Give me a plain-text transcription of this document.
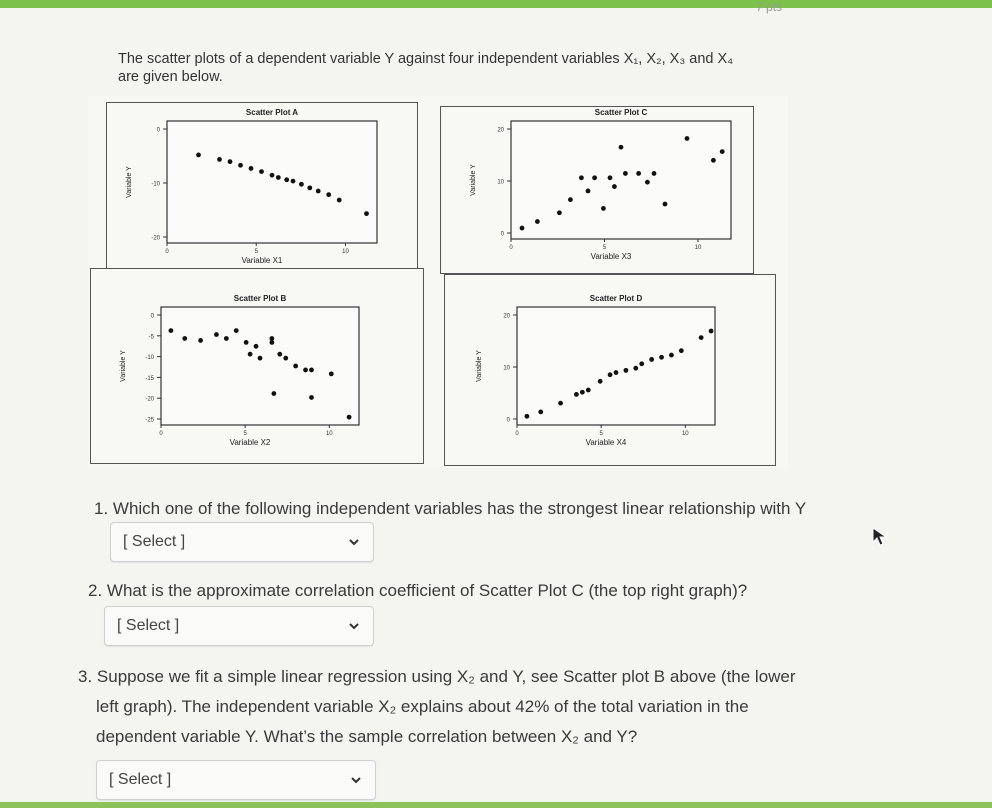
7 pts

The scatter plots of a dependent variable Y against four independent variables X₁, X₂, X₃ and X₄

are given below.

Scatter Plot A
0
-10
-20
0	5	10
Variable X1
Variable Y
Scatter Plot C
20
10
0
0	5	10
Variable X3
Variable Y
Scatter Plot B
0
-5
-10
-15
-20
-25
0	5	10
Variable X2
Variable Y
Scatter Plot D
20
10
0
0	5	10
Variable X4
Variable Y
1. Which one of the following independent variables has the strongest linear relationship with Y
[ Select ]
2. What is the approximate correlation coefficient of Scatter Plot C (the top right graph)?
[ Select ]
3. Suppose we fit a simple linear regression using X₂ and Y, see Scatter plot B above (the lower
left graph). The independent variable X₂ explains about 42% of the total variation in the
dependent variable Y. What’s the sample correlation between X₂ and Y?
[ Select ]
